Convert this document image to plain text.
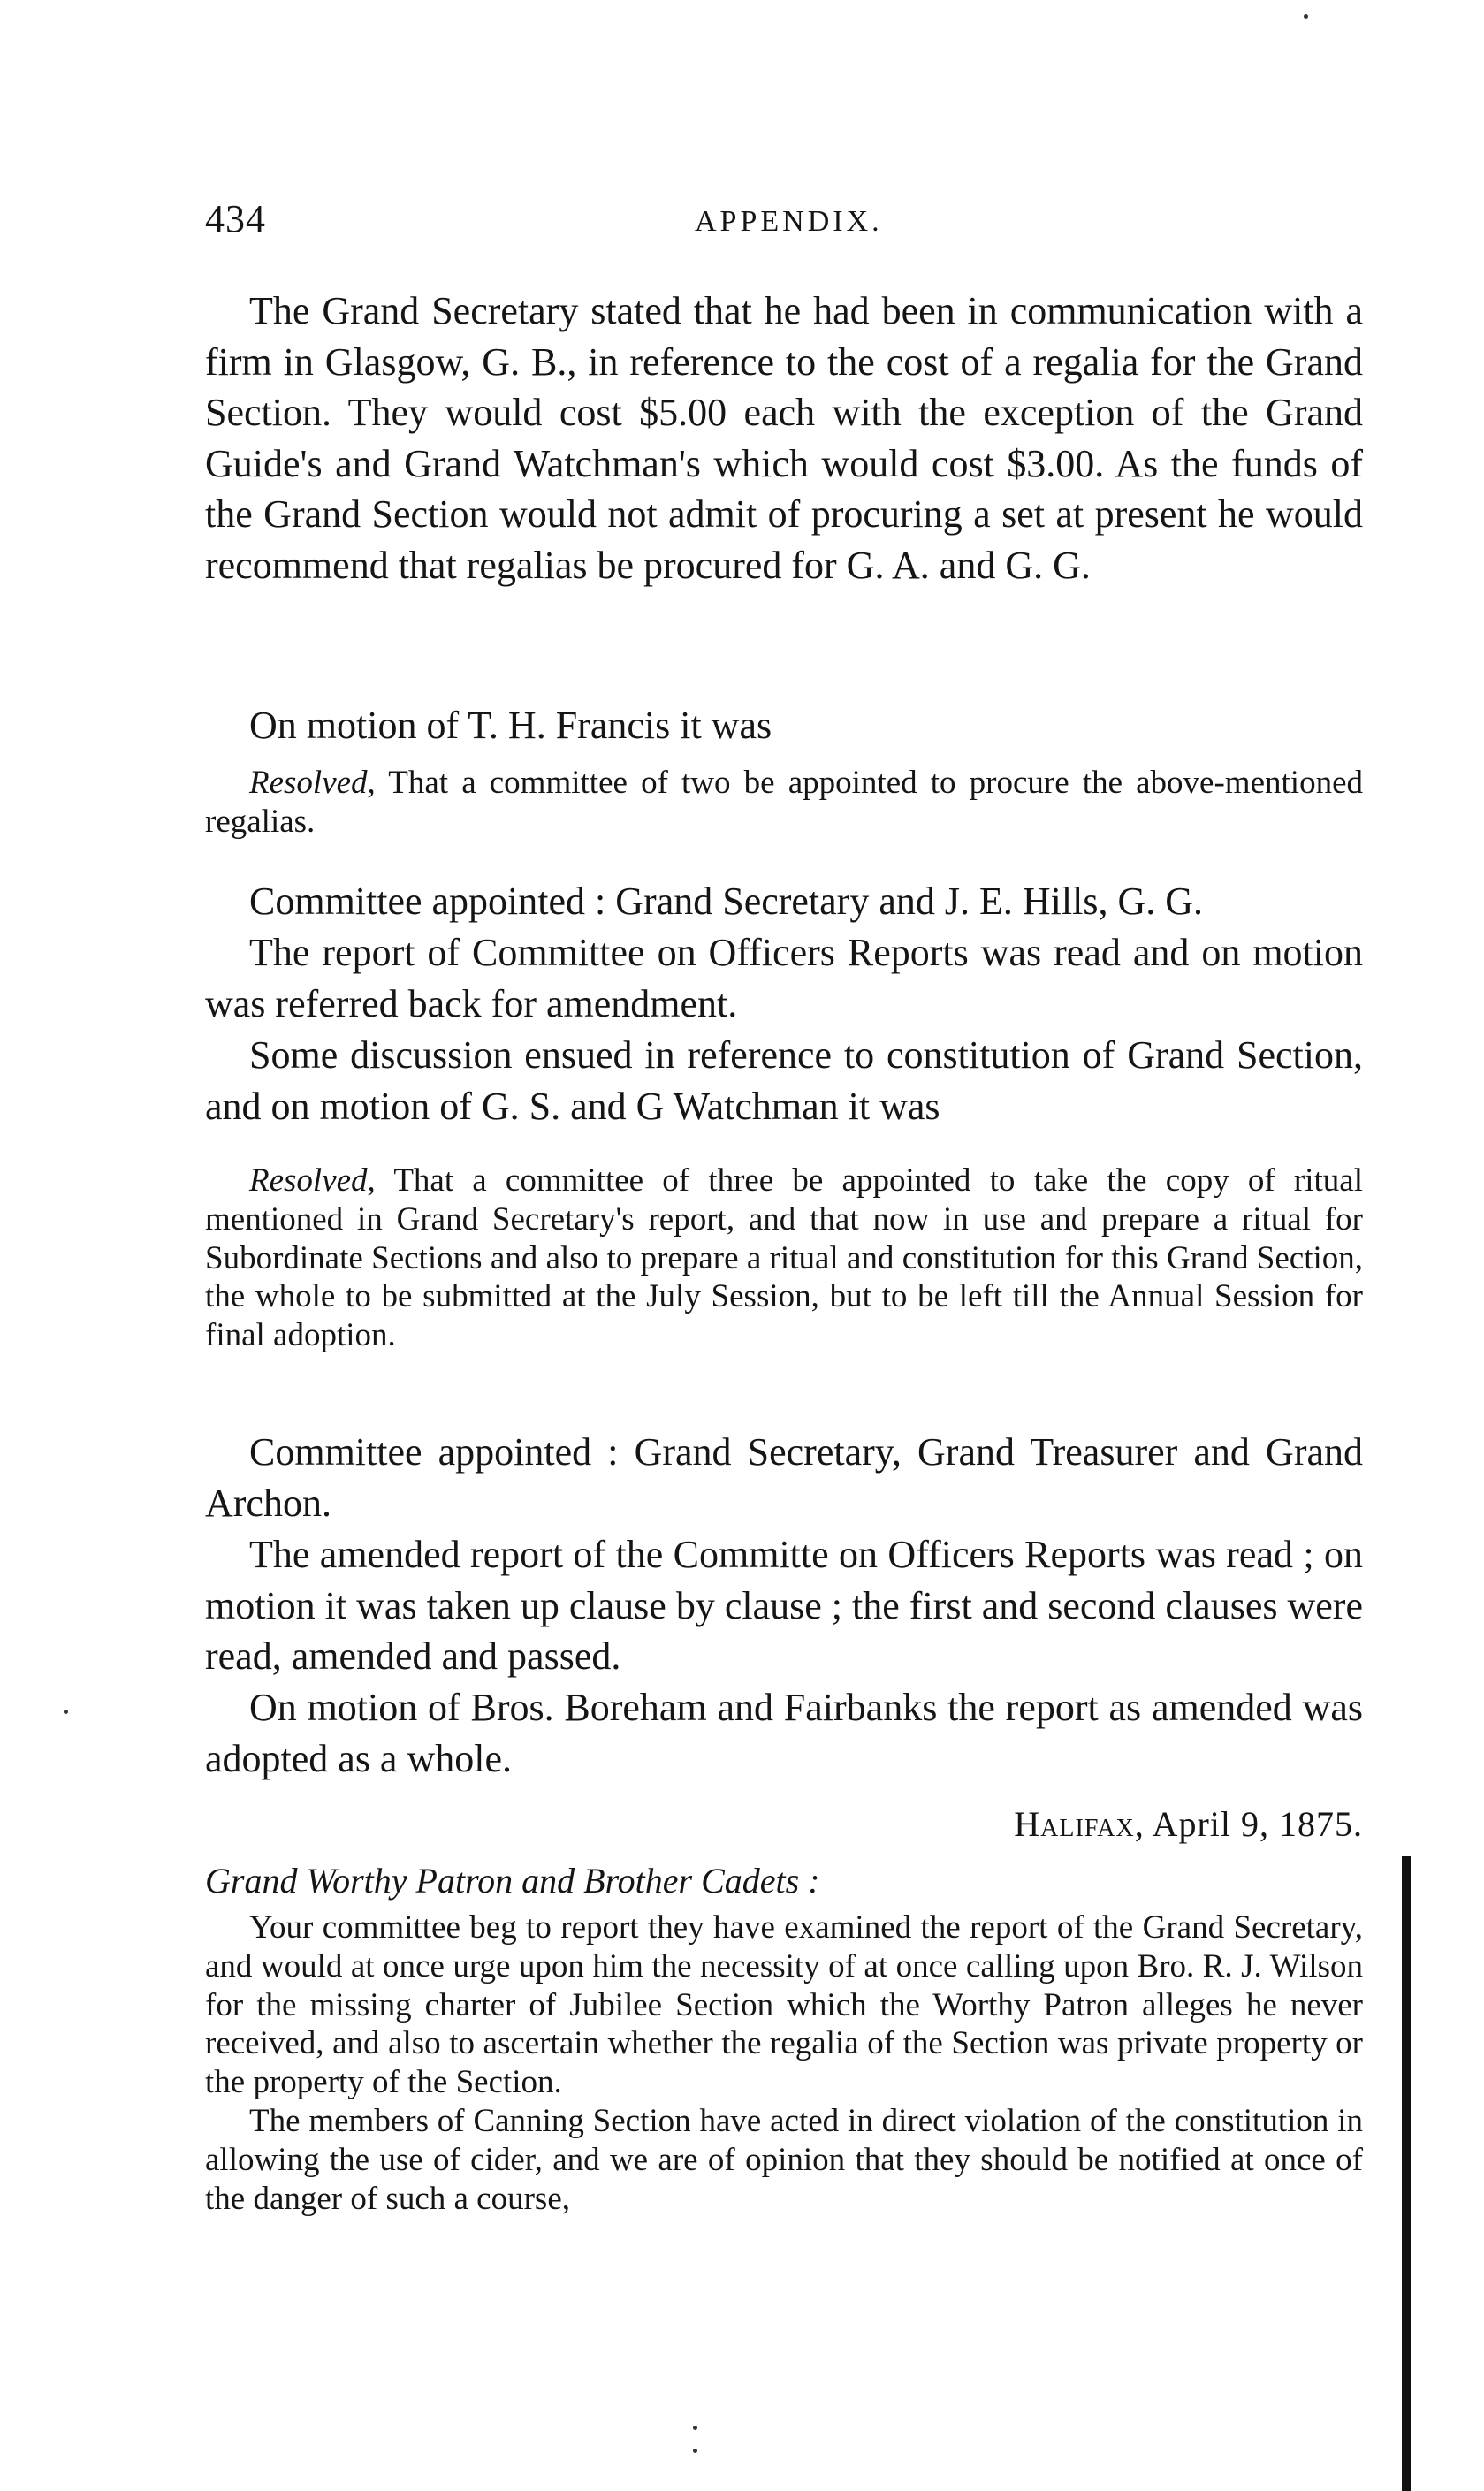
434	APPENDIX.

The Grand Secretary stated that he had been in communication with a firm in Glasgow, G. B., in reference to the cost of a regalia for the Grand Section. They would cost $5.00 each with the exception of the Grand Guide's and Grand Watchman's which would cost $3.00. As the funds of the Grand Section would not admit of procuring a set at present he would recommend that regalias be procured for G. A. and G. G.

On motion of T. H. Francis it was

Resolved, That a committee of two be appointed to procure the above-mentioned regalias.

Committee appointed : Grand Secretary and J. E. Hills, G. G.

The report of Committee on Officers Reports was read and on motion was referred back for amendment.

Some discussion ensued in reference to constitution of Grand Section, and on motion of G. S. and G Watchman it was

Resolved, That a committee of three be appointed to take the copy of ritual mentioned in Grand Secretary's report, and that now in use and prepare a ritual for Subordinate Sections and also to prepare a ritual and constitution for this Grand Section, the whole to be submitted at the July Session, but to be left till the Annual Session for final adoption.

Committee appointed : Grand Secretary, Grand Treasurer and Grand Archon.

The amended report of the Committe on Officers Reports was read ; on motion it was taken up clause by clause ; the first and second clauses were read, amended and passed.

On motion of Bros. Boreham and Fairbanks the report as amended was adopted as a whole.

Halifax, April 9, 1875.
Grand Worthy Patron and Brother Cadets :

Your committee beg to report they have examined the report of the Grand Secretary, and would at once urge upon him the necessity of at once calling upon Bro. R. J. Wilson for the missing charter of Jubilee Section which the Worthy Patron alleges he never received, and also to ascertain whether the regalia of the Section was private property or the property of the Section.

The members of Canning Section have acted in direct violation of the constitution in allowing the use of cider, and we are of opinion that they should be notified at once of the danger of such a course,
